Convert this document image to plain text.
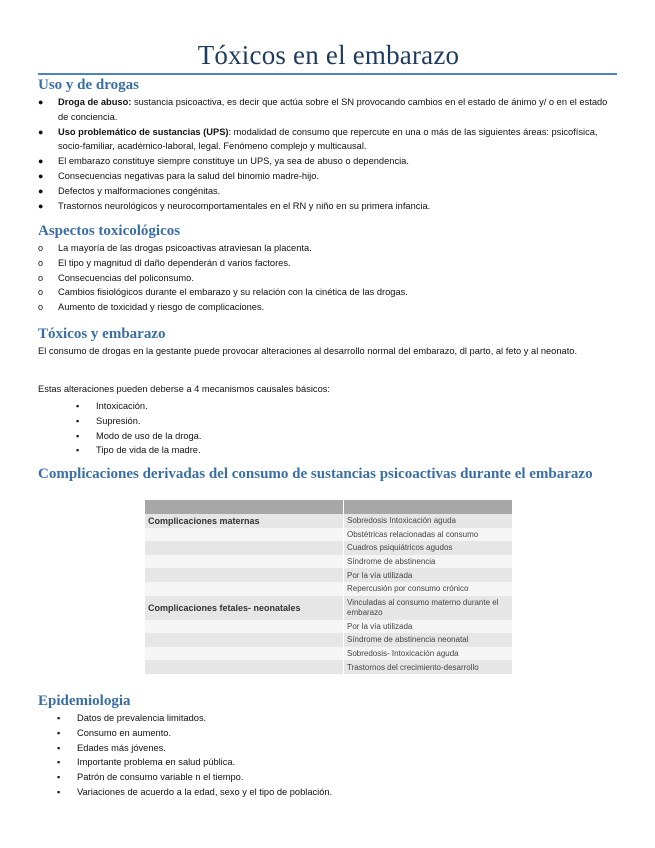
Tóxicos en el embarazo
Uso y de drogas
● Droga de abuso: sustancia psicoactiva, es decir que actúa sobre el SN provocando cambios en el estado de ánimo y/ o en el estado de conciencia.
● Uso problemático de sustancias (UPS): modalidad de consumo que repercute en una o más de las siguientes áreas: psicofísica, socio-familiar, académico-laboral, legal. Fenómeno complejo y multicausal.
● El embarazo constituye siempre constituye un UPS, ya sea de abuso o dependencia.
● Consecuencias negativas para la salud del binomio madre-hijo.
● Defectos y malformaciones congénitas.
● Trastornos neurológicos y neurocomportamentales en el RN y niño en su primera infancia.
Aspectos toxicológicos
o La mayoría de las drogas psicoactivas atraviesan la placenta.
o El tipo y magnitud dl daño dependerán d varios factores.
o Consecuencias del policonsumo.
o Cambios fisiológicos durante el embarazo y su relación con la cinética de las drogas.
o Aumento de toxicidad y riesgo de complicaciones.
Tóxicos y embarazo

El consumo de drogas en la gestante puede provocar alteraciones al desarrollo normal del embarazo, dl parto, al feto y al neonato.

Estas alteraciones pueden deberse a 4 mecanismos causales básicos:

▪ Intoxicación.
▪ Supresión.
▪ Modo de uso de la droga.
▪ Tipo de vida de la madre.
Complicaciones derivadas del consumo de sustancias psicoactivas durante el embarazo

Complicaciones maternas	Sobredosis Intoxicación aguda
	Obstétricas relacionadas al consumo
	Cuadros psiquiátricos agudos
	Síndrome de abstinencia
	Por la vía utilizada
	Repercusión por consumo crónico
Complicaciones fetales- neonatales	Vinculadas al consumo materno durante el embarazo
	Por la vía utilizada
	Síndrome de abstinencia neonatal
	Sobredosis- Intoxicación aguda
	Trastornos del crecimiento-desarrollo
Epidemiologia
▪ Datos de prevalencia limitados.
▪ Consumo en aumento.
▪ Edades más jóvenes.
▪ Importante problema en salud pública.
▪ Patrón de consumo variable n el tiempo.
▪ Variaciones de acuerdo a la edad, sexo y el tipo de población.
